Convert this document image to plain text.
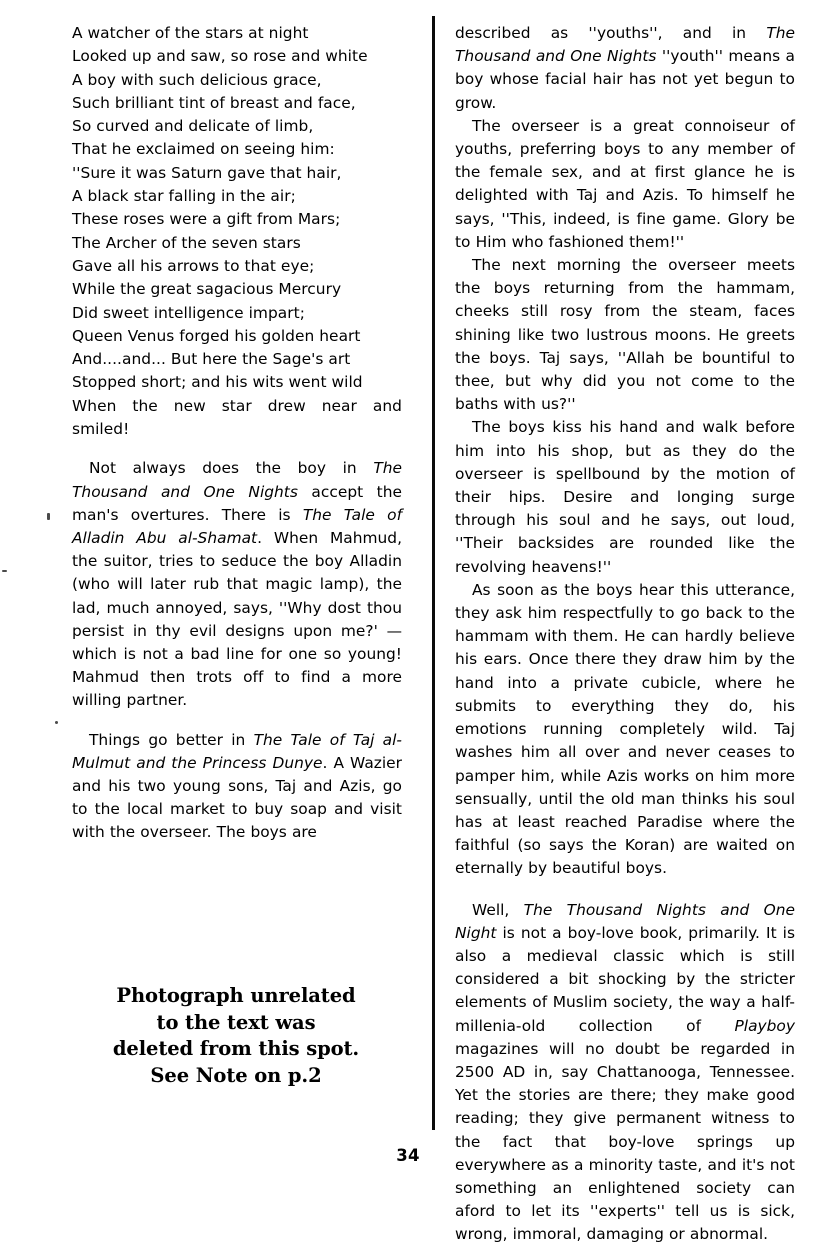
A watcher of the stars at night
Looked up and saw, so rose and white
A boy with such delicious grace,
Such brilliant tint of breast and face,
So curved and delicate of limb,
That he exclaimed on seeing him:
''Sure it was Saturn gave that hair,
A black star falling in the air;
These roses were a gift from Mars;
The Archer of the seven stars
Gave all his arrows to that eye;
While the great sagacious Mercury
Did sweet intelligence impart;
Queen Venus forged his golden heart
And....and... But here the Sage's art
Stopped short; and his wits went wild
When the new star drew near and
smiled!

Not always does the boy in The Thousand and One Nights accept the man's overtures. There is The Tale of Alladin Abu al-Shamat. When Mahmud, the suitor, tries to seduce the boy Alladin (who will later rub that magic lamp), the lad, much annoyed, says, ''Why dost thou persist in thy evil designs upon me?' — which is not a bad line for one so young! Mahmud then trots off to find a more willing partner.

Things go better in The Tale of Taj al-Mulmut and the Princess Dunye. A Wazier and his two young sons, Taj and Azis, go to the local market to buy soap and visit with the overseer. The boys are

described as ''youths'', and in The Thousand and One Nights ''youth'' means a boy whose facial hair has not yet begun to grow.

The overseer is a great connoiseur of youths, preferring boys to any member of the female sex, and at first glance he is delighted with Taj and Azis. To himself he says, ''This, indeed, is fine game. Glory be to Him who fashioned them!''

The next morning the overseer meets the boys returning from the hammam, cheeks still rosy from the steam, faces shining like two lustrous moons. He greets the boys. Taj says, ''Allah be bountiful to thee, but why did you not come to the baths with us?''

The boys kiss his hand and walk before him into his shop, but as they do the overseer is spellbound by the motion of their hips. Desire and longing surge through his soul and he says, out loud, ''Their backsides are rounded like the revolving heavens!''

As soon as the boys hear this utterance, they ask him respectfully to go back to the hammam with them. He can hardly believe his ears. Once there they draw him by the hand into a private cubicle, where he submits to everything they do, his emotions running completely wild. Taj washes him all over and never ceases to pamper him, while Azis works on him more sensually, until the old man thinks his soul has at least reached Paradise where the faithful (so says the Koran) are waited on eternally by beautiful boys.

Well, The Thousand Nights and One Night is not a boy-love book, primarily. It is also a medieval classic which is still considered a bit shocking by the stricter elements of Muslim society, the way a half-millenia-old collection of Playboy magazines will no doubt be regarded in 2500 AD in, say Chattanooga, Tennessee. Yet the stories are there; they make good reading; they give permanent witness to the fact that boy-love springs up everywhere as a minority taste, and it's not something an enlightened society can aford to let its ''experts'' tell us is sick, wrong, immoral, damaging or abnormal.

Photograph unrelated
to the text was
deleted from this spot.
See Note on p.2
34
